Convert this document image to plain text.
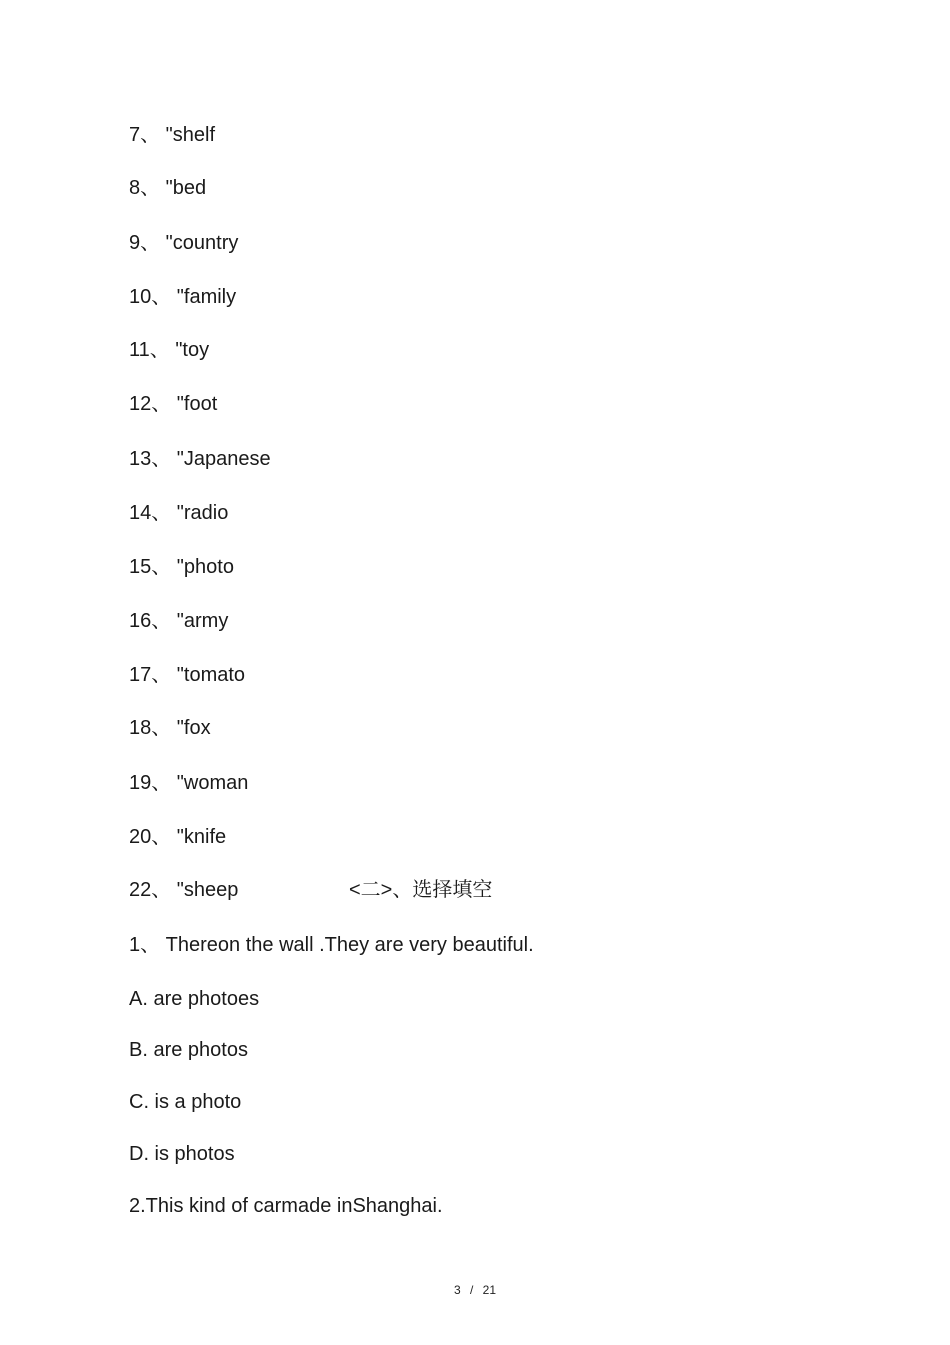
7、 "shelf
8、 "bed
9、 "country
10、 "family
11、 "toy
12、 "foot
13、 "Japanese
14、 "radio
15、 "photo
16、 "army
17、 "tomato
18、 "fox
19、 "woman
20、 "knife
22、 "sheep	<二>、选择填空
1、 Thereon the wall .They are very beautiful.
A. are photoes
B. are photos
C. is a photo
D. is photos
2.This kind of carmade inShanghai.
3 / 21
